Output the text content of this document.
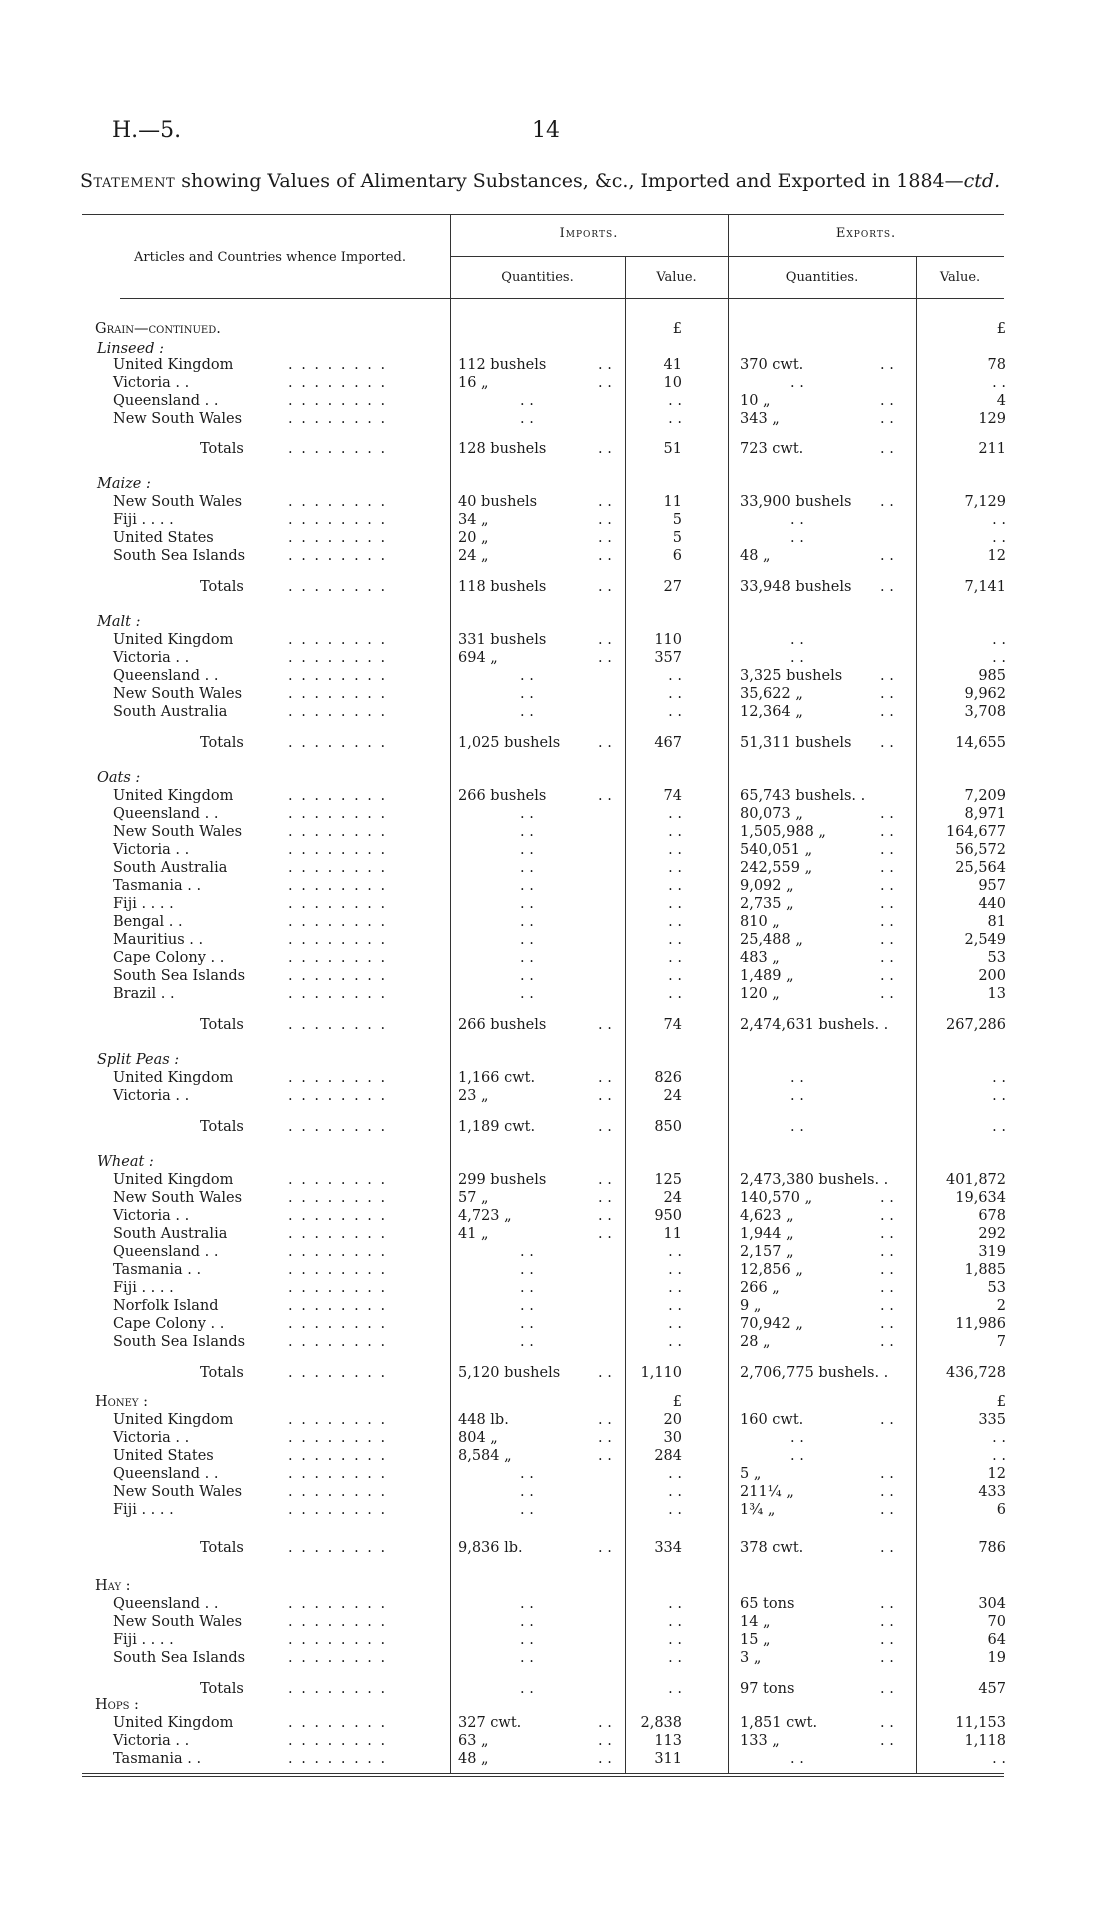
H.—5.	14
Statement showing Values of Alimentary Substances, &c., Imported and Exported in 1884—ctd.
Articles and Countries whence Imported.
Imports.	Exports.
Quantities.	Value.	Quantities.	Value.
Grain—continued.	£	£
Linseed :
United Kingdom	112 bushels	. .	41	370 cwt.	. .	78
. . . . . . . .
Victoria . .	16 „	. .	10	. .	. .
. . . . . . . .
Queensland . .	. .	. .	10 „	. .	4
. . . . . . . .
New South Wales	. .	. .	343 „	. .	129
. . . . . . . .
Totals	128 bushels	. .	51	723 cwt.	. .	211
. . . . . . . .
Maize :
New South Wales	40 bushels	. .	11	33,900 bushels . .	7,129
. . . . . . . .
Fiji . . . .	34 „	. .	5	. .	. .
. . . . . . . .
United States	20 „	. .	5	. .	. .
. . . . . . . .
South Sea Islands	24 „	. .	6	48 „	. .	12
. . . . . . . .
Totals	118 bushels	. .	27	33,948 bushels . .	7,141
. . . . . . . .
Malt :
United Kingdom	331 bushels	. .	110	. .	. .
. . . . . . . .
Victoria . .	694 „	. .	357	. .	. .
. . . . . . . .
Queensland . .	. .	. .	3,325 bushels	. .	985
. . . . . . . .
New South Wales	. .	. .	35,622 „	. .	9,962
. . . . . . . .
South Australia	. .	. .	12,364 „	. .	3,708
. . . . . . . .
Totals	1,025 bushels	. .	467	51,311 bushels . .	14,655
. . . . . . . .
Oats :
United Kingdom	266 bushels	. .	74	65,743 bushels. .	7,209
. . . . . . . .
Queensland . .	. .	. .	80,073 „	. .	8,971
. . . . . . . .
New South Wales	. .	. .	1,505,988 „	. .	164,677
. . . . . . . .
Victoria . .	. .	. .	540,051 „	. .	56,572
. . . . . . . .
South Australia	. .	. .	242,559 „	. .	25,564
. . . . . . . .
Tasmania . .	. .	. .	9,092 „	. .	957
. . . . . . . .
Fiji . . . .	. .	. .	2,735 „	. .	440
. . . . . . . .
Bengal . .	. .	. .	810 „	. .	81
. . . . . . . .
Mauritius . .	. .	. .	25,488 „	. .	2,549
. . . . . . . .
Cape Colony . .	. .	. .	483 „	. .	53
. . . . . . . .
South Sea Islands	. .	. .	1,489 „	. .	200
. . . . . . . .
Brazil . .	. .	. .	120 „	. .	13
. . . . . . . .
Totals	266 bushels	. .	74	2,474,631 bushels. .	267,286
. . . . . . . .
Split Peas :
United Kingdom	1,166 cwt.	. .	826	. .	. .
. . . . . . . .
Victoria . .	23 „	. .	24	. .	. .
. . . . . . . .
Totals	1,189 cwt.	. .	850	. .	. .
. . . . . . . .
Wheat :
United Kingdom	299 bushels	. .	125	2,473,380 bushels. .	401,872
. . . . . . . .
New South Wales	57 „	. .	24	140,570 „	. .	19,634
. . . . . . . .
Victoria . .	4,723 „	. .	950	4,623 „	. .	678
. . . . . . . .
South Australia	41 „	. .	11	1,944 „	. .	292
. . . . . . . .
Queensland . .	. .	. .	2,157 „	. .	319
. . . . . . . .
Tasmania . .	. .	. .	12,856 „	. .	1,885
. . . . . . . .
Fiji . . . .	. .	. .	266 „	. .	53
. . . . . . . .
Norfolk Island	. .	. .	9 „	. .	2
. . . . . . . .
Cape Colony . .	. .	. .	70,942 „	. .	11,986
. . . . . . . .
South Sea Islands	. .	. .	28 „	. .	7
. . . . . . . .
Totals	5,120 bushels	. .	1,110	2,706,775 bushels. .	436,728
. . . . . . . .
Honey :	£	£
United Kingdom	448 lb.	. .	20	160 cwt.	. .	335
. . . . . . . .
Victoria . .	804 „	. .	30	. .	. .
. . . . . . . .
United States	8,584 „	. .	284	. .	. .
. . . . . . . .
Queensland . .	. .	. .	5 „	. .	12
. . . . . . . .
New South Wales	. .	. .	211¼ „	. .	433
. . . . . . . .
Fiji . . . .	. .	. .	1¾ „	. .	6
. . . . . . . .
Totals	9,836 lb.	. .	334	378 cwt.	. .	786
. . . . . . . .
Hay :
Queensland . .	. .	. .	65 tons	. .	304
. . . . . . . .
New South Wales	. .	. .	14 „	. .	70
. . . . . . . .
Fiji . . . .	. .	. .	15 „	. .	64
. . . . . . . .
South Sea Islands	. .	. .	3 „	. .	19
. . . . . . . .
Totals	. .	. .	97 tons	. .	457
. . . . . . . .
Hops :
United Kingdom	327 cwt.	. .	2,838	1,851 cwt.	. .	11,153
. . . . . . . .
Victoria . .	63 „	. .	113	133 „	. .	1,118
. . . . . . . .
Tasmania . .	48 „	. .	311	. .	. .
. . . . . . . .
